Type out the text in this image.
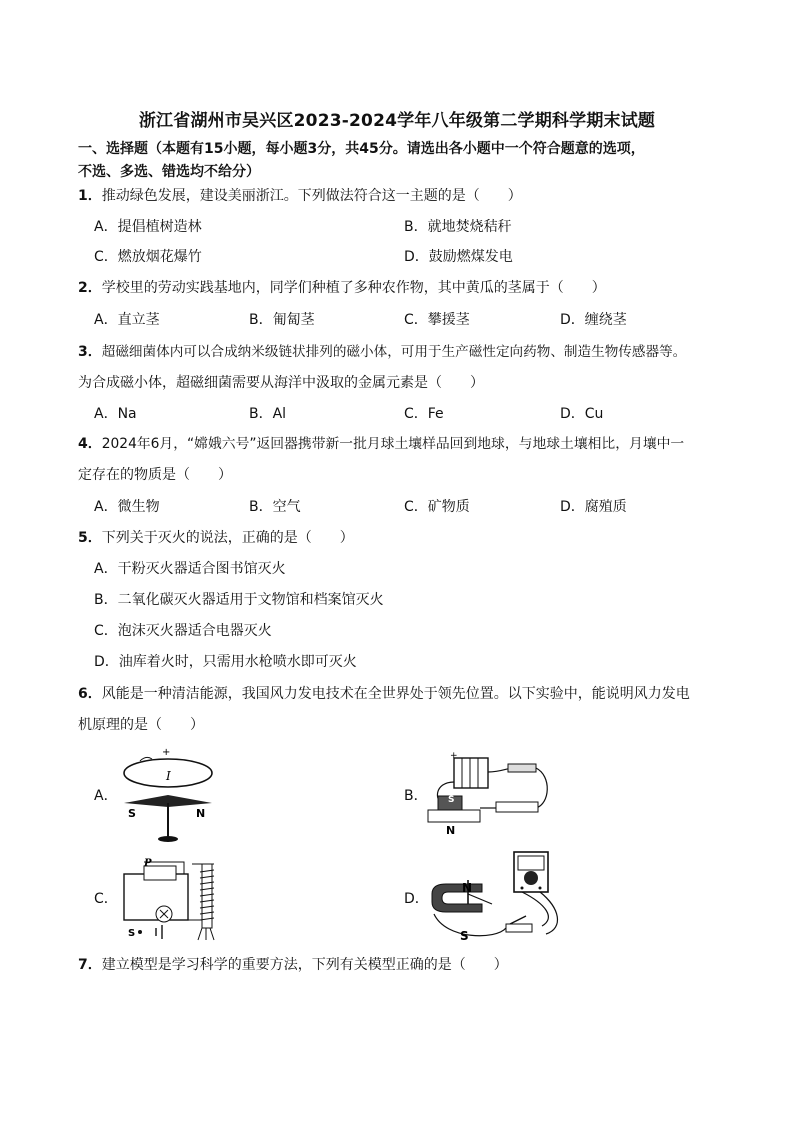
浙江省湖州市吴兴区2023-2024学年八年级第二学期科学期末试题
一、选择题（本题有15小题，每小题3分，共45分。请选出各小题中一个符合题意的选项，
不选、多选、错选均不给分）
1．推动绿色发展，建设美丽浙江。下列做法符合这一主题的是（　　）
A．提倡植树造林	B．就地焚烧秸秆
C．燃放烟花爆竹	D．鼓励燃煤发电
2．学校里的劳动实践基地内，同学们种植了多种农作物，其中黄瓜的茎属于（　　）
A．直立茎	B．匍匐茎	C．攀援茎	D．缠绕茎
3．超磁细菌体内可以合成纳米级链状排列的磁小体，可用于生产磁性定向药物、制造生物传感器等。
为合成磁小体，超磁细菌需要从海洋中汲取的金属元素是（　　）
A．Na	B．Al	C．Fe	D．Cu
4．2024年6月，“嫦娥六号”返回器携带新一批月球土壤样品回到地球，与地球土壤相比，月壤中一
定存在的物质是（　　）
A．微生物	B．空气	C．矿物质	D．腐殖质
5．下列关于灭火的说法，正确的是（　　）
A．干粉灭火器适合图书馆灭火
B．二氧化碳灭火器适用于文物馆和档案馆灭火
C．泡沫灭火器适合电器灭火
D．油库着火时，只需用水枪喷水即可灭火
6．风能是一种清洁能源，我国风力发电技术在全世界处于领先位置。以下实验中，能说明风力发电
机原理的是（　　）
A．
+
I
S	N
B．
+
S
N
C．
P
S
D．
N
S
7．建立模型是学习科学的重要方法，下列有关模型正确的是（　　）
